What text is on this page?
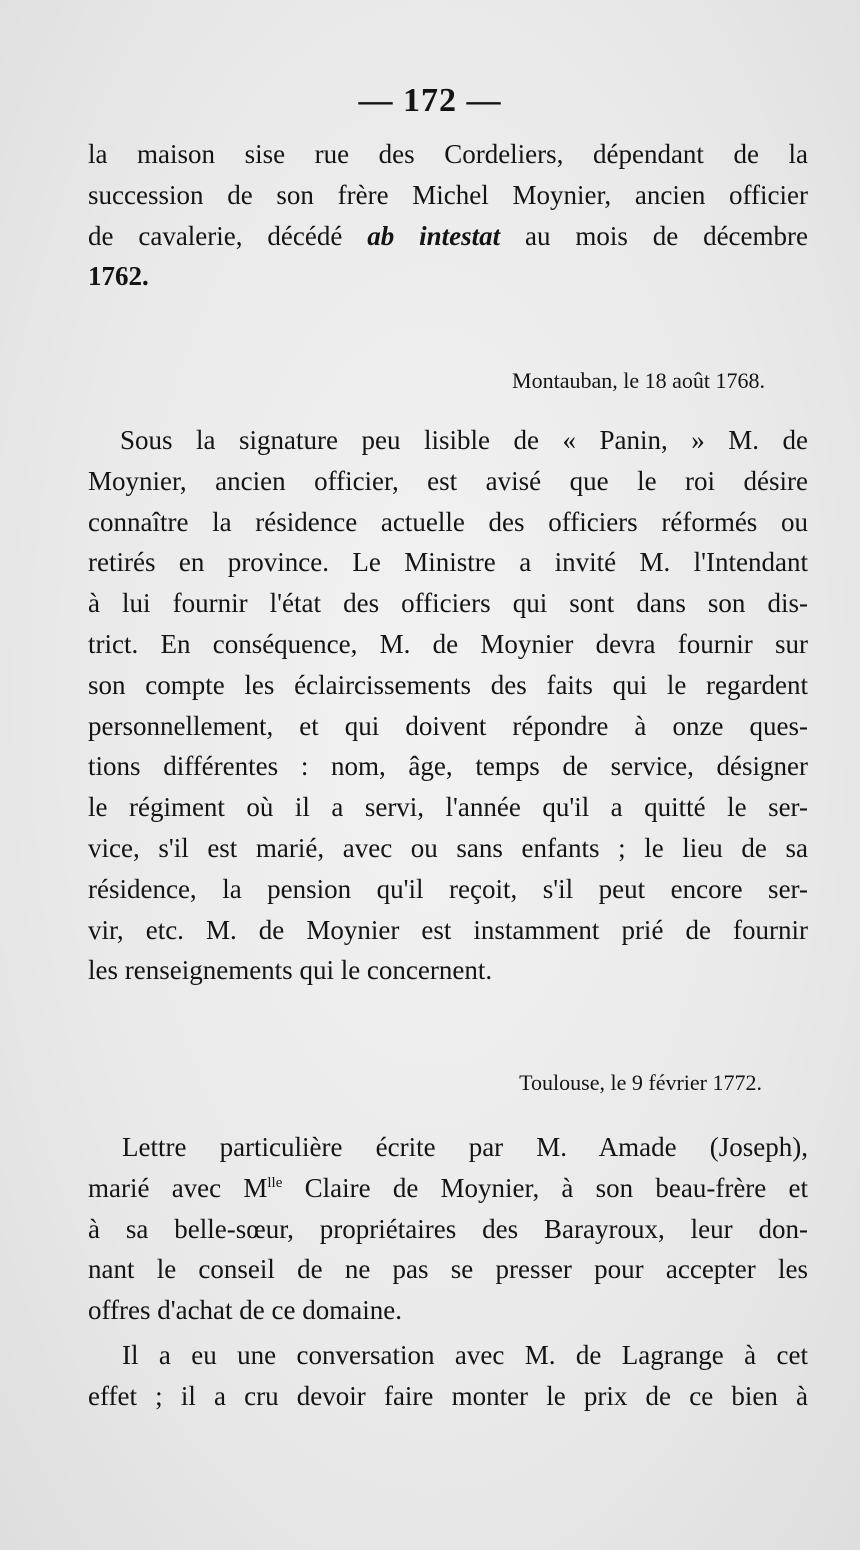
— 172 —
la maison sise rue des Cordeliers, dépendant de la
succession de son frère Michel Moynier, ancien officier
de cavalerie, décédé ab intestat au mois de décembre
1762.
Montauban, le 18 août 1768.
Sous la signature peu lisible de « Panin, » M. de
Moynier, ancien officier, est avisé que le roi désire
connaître la résidence actuelle des officiers réformés ou
retirés en province. Le Ministre a invité M. l'Intendant
à lui fournir l'état des officiers qui sont dans son dis-
trict. En conséquence, M. de Moynier devra fournir sur
son compte les éclaircissements des faits qui le regardent
personnellement, et qui doivent répondre à onze ques-
tions différentes : nom, âge, temps de service, désigner
le régiment où il a servi, l'année qu'il a quitté le ser-
vice, s'il est marié, avec ou sans enfants ; le lieu de sa
résidence, la pension qu'il reçoit, s'il peut encore ser-
vir, etc. M. de Moynier est instamment prié de fournir
les renseignements qui le concernent.
Toulouse, le 9 février 1772.
Lettre particulière écrite par M. Amade (Joseph),
marié avec $M^{lle}$ Claire de Moynier, à son beau-frère et
à sa belle-sœur, propriétaires des Barayroux, leur don-
nant le conseil de ne pas se presser pour accepter les
offres d'achat de ce domaine.
Il a eu une conversation avec M. de Lagrange à cet
effet ; il a cru devoir faire monter le prix de ce bien à
